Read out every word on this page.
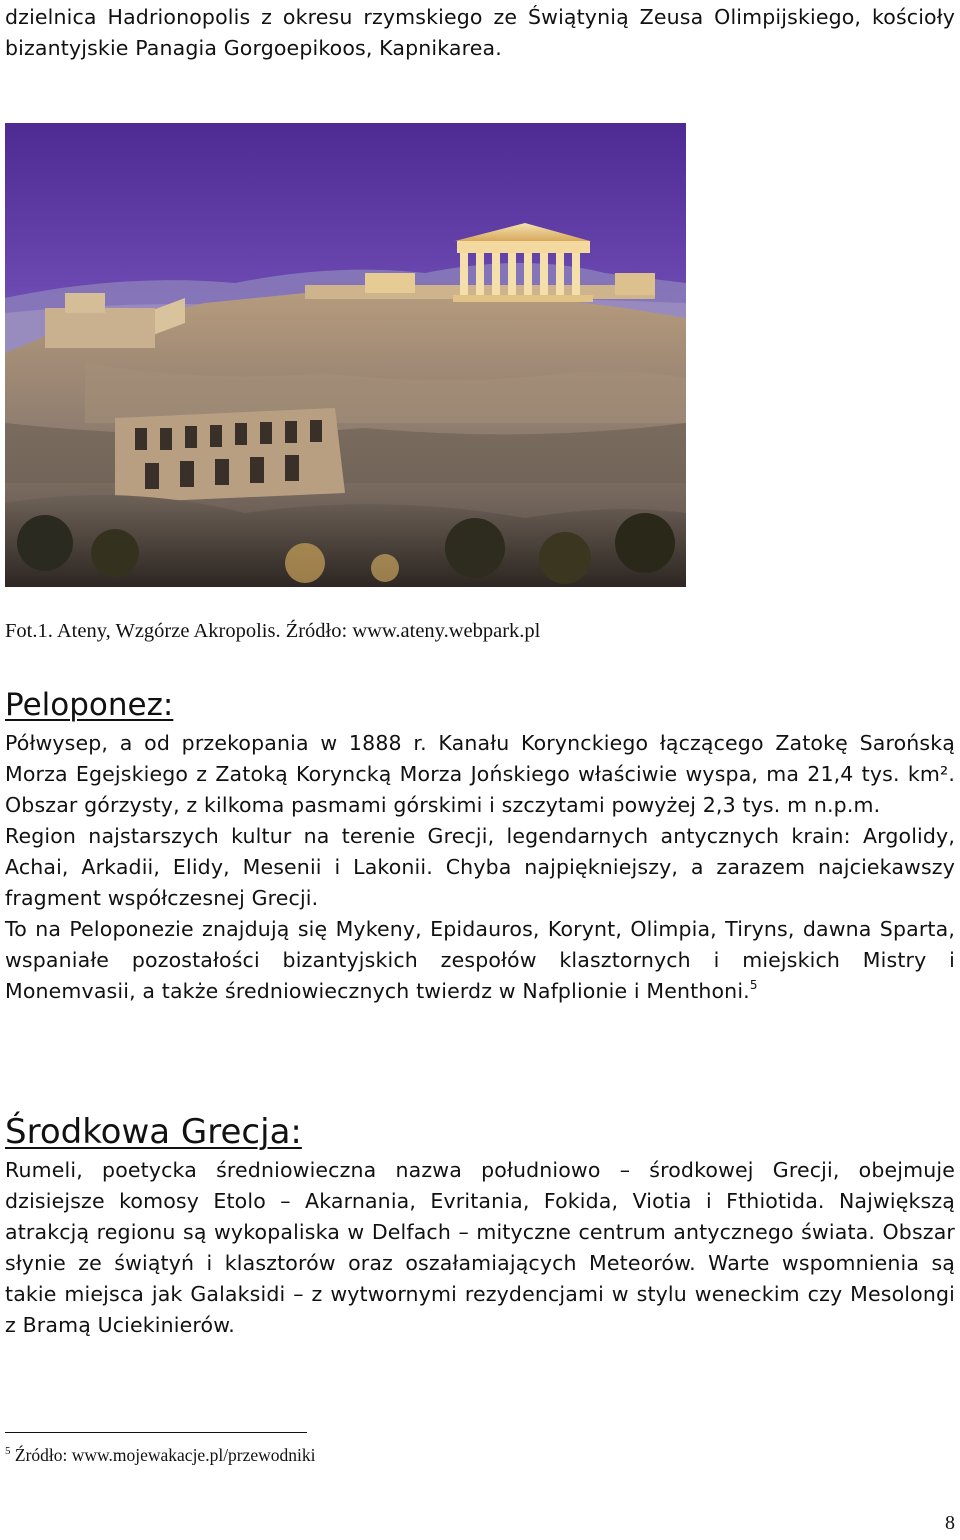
dzielnica Hadrionopolis z okresu rzymskiego ze Świątynią Zeusa Olimpijskiego, kościoły bizantyjskie Panagia Gorgoepikoos, Kapnikarea.

Fot.1. Ateny, Wzgórze Akropolis. Źródło: www.ateny.webpark.pl
Peloponez:

Półwysep, a od przekopania w 1888 r. Kanału Korynckiego łączącego Zatokę Sarońską Morza Egejskiego z Zatoką Koryncką Morza Jońskiego właściwie wyspa, ma 21,4 tys. km². Obszar górzysty, z kilkoma pasmami górskimi i szczytami powyżej 2,3 tys. m n.p.m.

Region najstarszych kultur na terenie Grecji, legendarnych antycznych krain: Argolidy, Achai, Arkadii, Elidy, Mesenii i Lakonii. Chyba najpiękniejszy, a zarazem najciekawszy fragment współczesnej Grecji.

To na Peloponezie znajdują się Mykeny, Epidauros, Korynt, Olimpia, Tiryns, dawna Sparta, wspaniałe pozostałości bizantyjskich zespołów klasztornych i miejskich Mistry i Monemvasii, a także średniowiecznych twierdz w Nafplionie i Menthoni.$^5$

Środkowa Grecja:

Rumeli, poetycka średniowieczna nazwa południowo – środkowej Grecji, obejmuje dzisiejsze komosy Etolo – Akarnania, Evritania, Fokida, Viotia i Fthiotida. Największą atrakcją regionu są wykopaliska w Delfach – mityczne centrum antycznego świata. Obszar słynie ze świątyń i klasztorów oraz oszałamiających Meteorów. Warte wspomnienia są takie miejsca jak Galaksidi – z wytwornymi rezydencjami w stylu weneckim czy Mesolongi z Bramą Uciekinierów.

$^5$ Źródło: www.mojewakacje.pl/przewodniki
8
